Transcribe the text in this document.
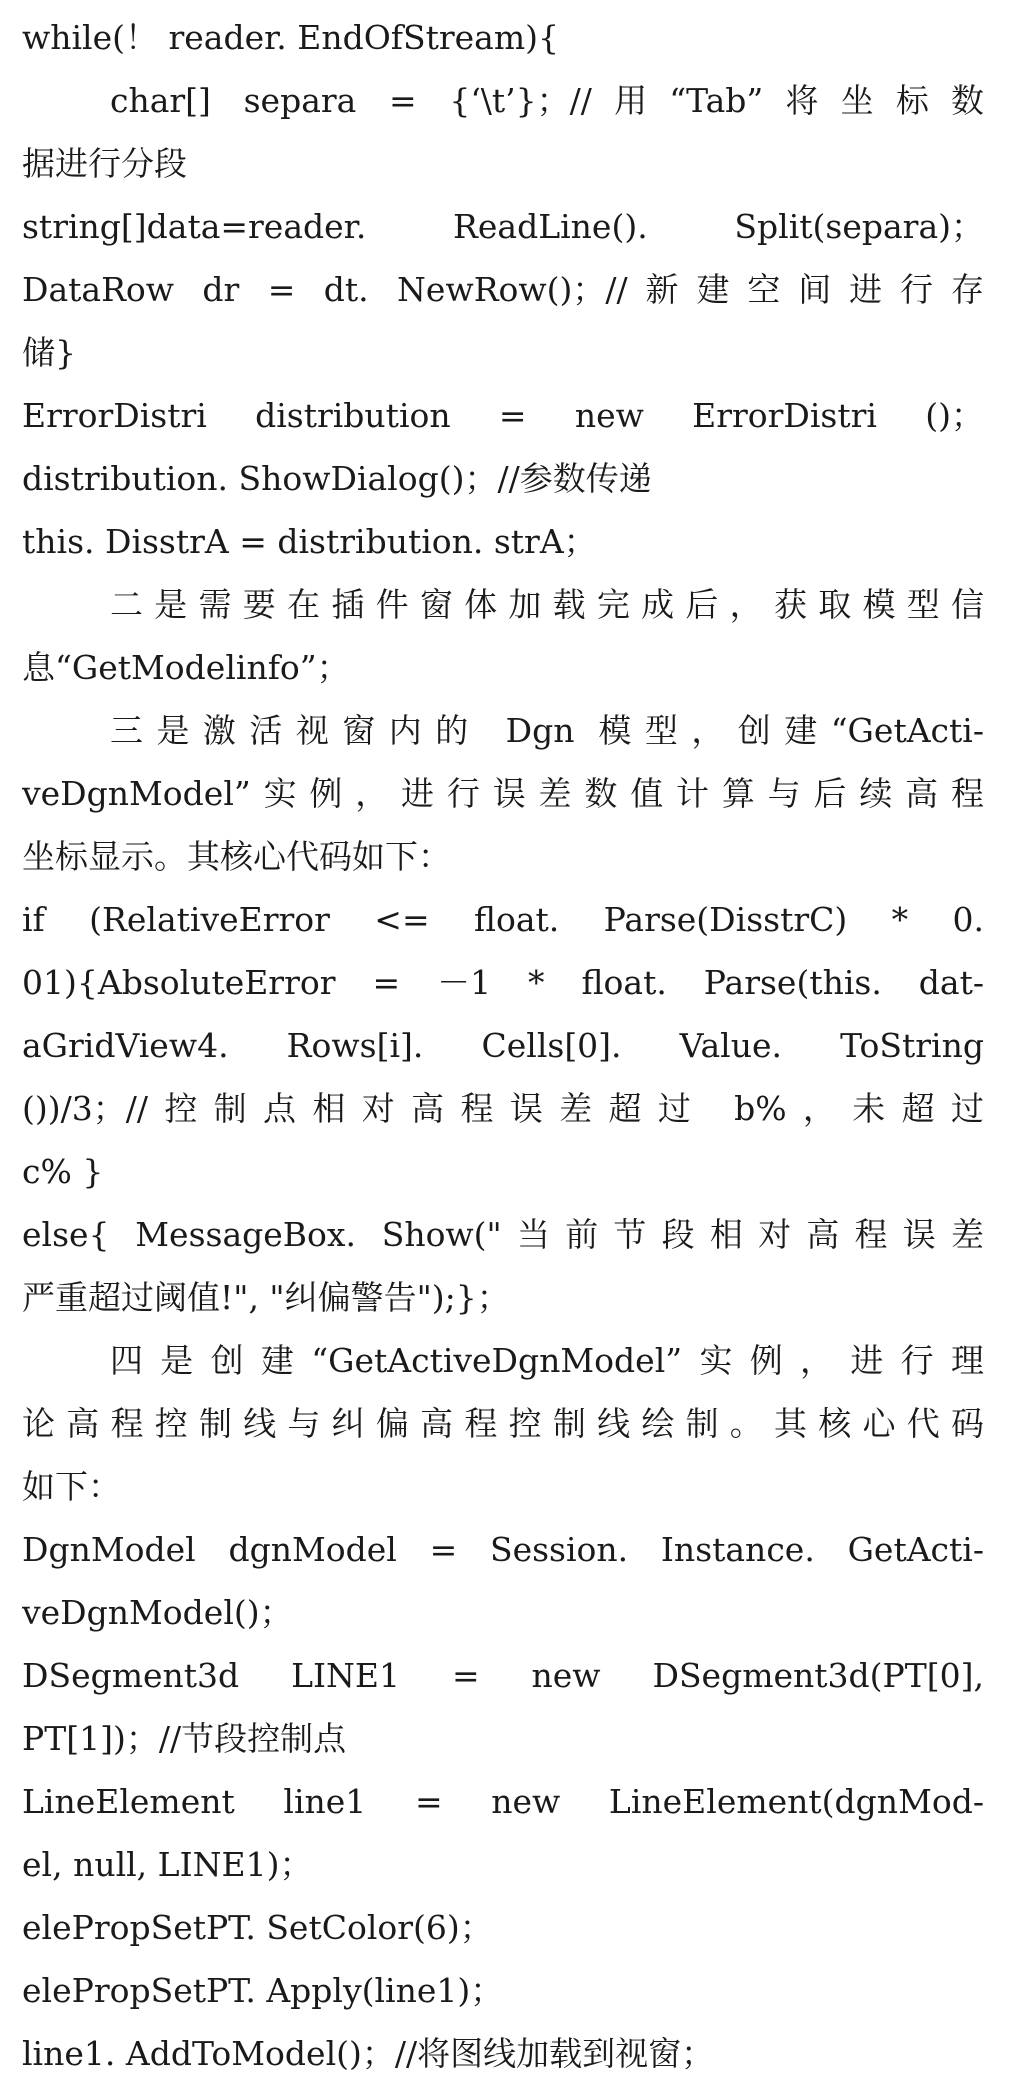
while(！ reader. EndOfStream){
char[] separa = {‘\t’}；//用“Tab”将坐标数
据进行分段
string[]data=reader. ReadLine(). Split(separa)；
DataRow dr = dt. NewRow()；//新建空间进行存
储}
ErrorDistri distribution = new ErrorDistri ()；
distribution. ShowDialog()；//参数传递
this. DisstrA = distribution. strA；
二是需要在插件窗体加载完成后，获取模型信
息“GetModelinfo”；
三是激活视窗内的 Dgn 模型，创建“GetActi-
veDgnModel”实例，进行误差数值计算与后续高程
坐标显示。其核心代码如下：
if (RelativeError <= float. Parse(DisstrC) * 0.
01){AbsoluteError = －1 * float. Parse(this. dat-
aGridView4. Rows[i]. Cells[0]. Value. ToString
())/3；//控制点相对高程误差超过 b%，未超过
c% }
else{ MessageBox. Show("当前节段相对高程误差
严重超过阈值!", "纠偏警告");}；
四是创建“GetActiveDgnModel”实例，进行理
论高程控制线与纠偏高程控制线绘制。其核心代码
如下：
DgnModel dgnModel = Session. Instance. GetActi-
veDgnModel()；
DSegment3d LINE1 = new DSegment3d(PT[0],
PT[1])；//节段控制点
LineElement line1 = new LineElement(dgnMod-
el, null, LINE1)；
elePropSetPT. SetColor(6)；
elePropSetPT. Apply(line1)；
line1. AddToModel()；//将图线加载到视窗；
